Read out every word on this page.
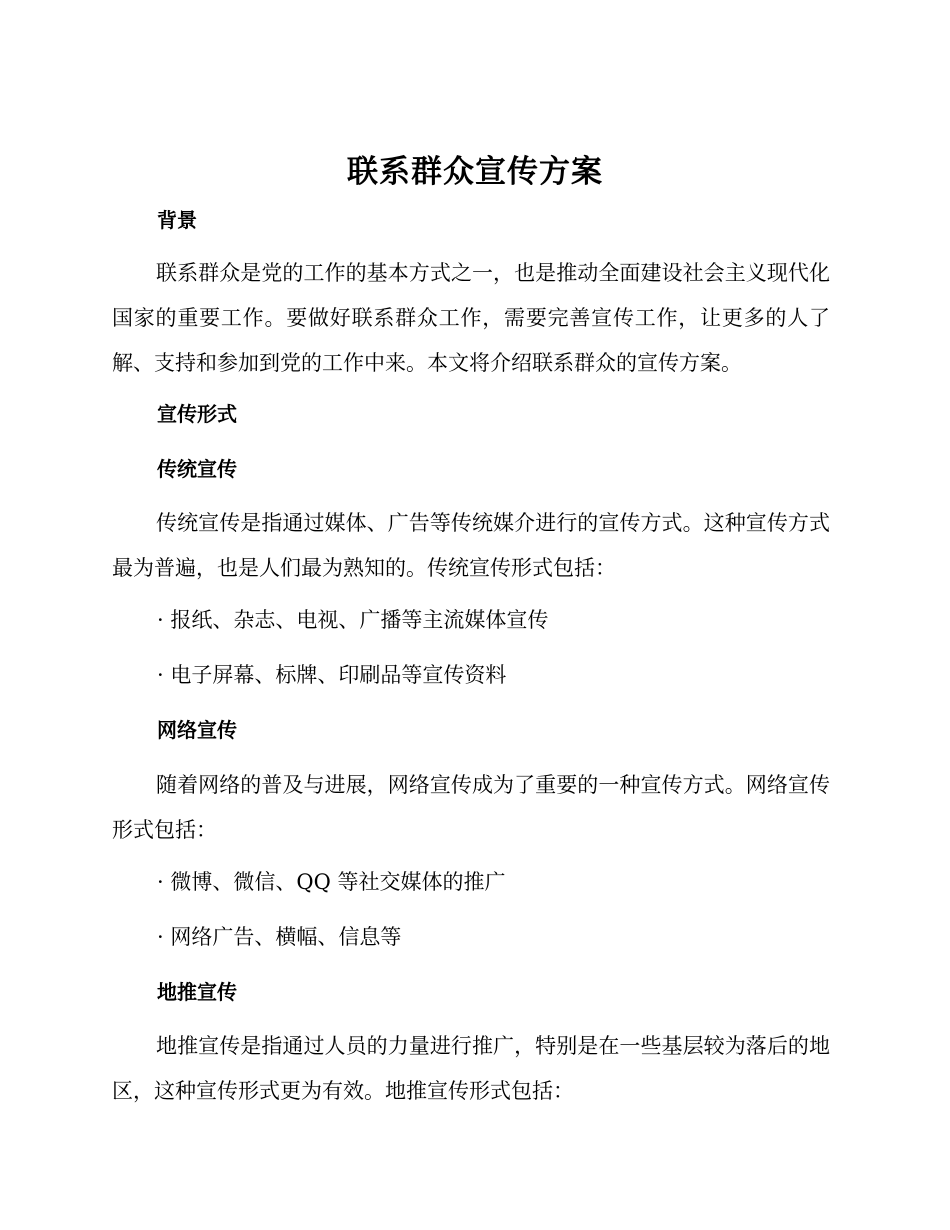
联系群众宣传方案
背景

联系群众是党的工作的基本方式之一，也是推动全面建设社会主义现代化国家的重要工作。要做好联系群众工作，需要完善宣传工作，让更多的人了解、支持和参加到党的工作中来。本文将介绍联系群众的宣传方案。

宣传形式
传统宣传

传统宣传是指通过媒体、广告等传统媒介进行的宣传方式。这种宣传方式最为普遍，也是人们最为熟知的。传统宣传形式包括：

· 报纸、杂志、电视、广播等主流媒体宣传
· 电子屏幕、标牌、印刷品等宣传资料
网络宣传

随着网络的普及与进展，网络宣传成为了重要的一种宣传方式。网络宣传形式包括：

· 微博、微信、QQ 等社交媒体的推广
· 网络广告、横幅、信息等
地推宣传

地推宣传是指通过人员的力量进行推广，特别是在一些基层较为落后的地区，这种宣传形式更为有效。地推宣传形式包括：
